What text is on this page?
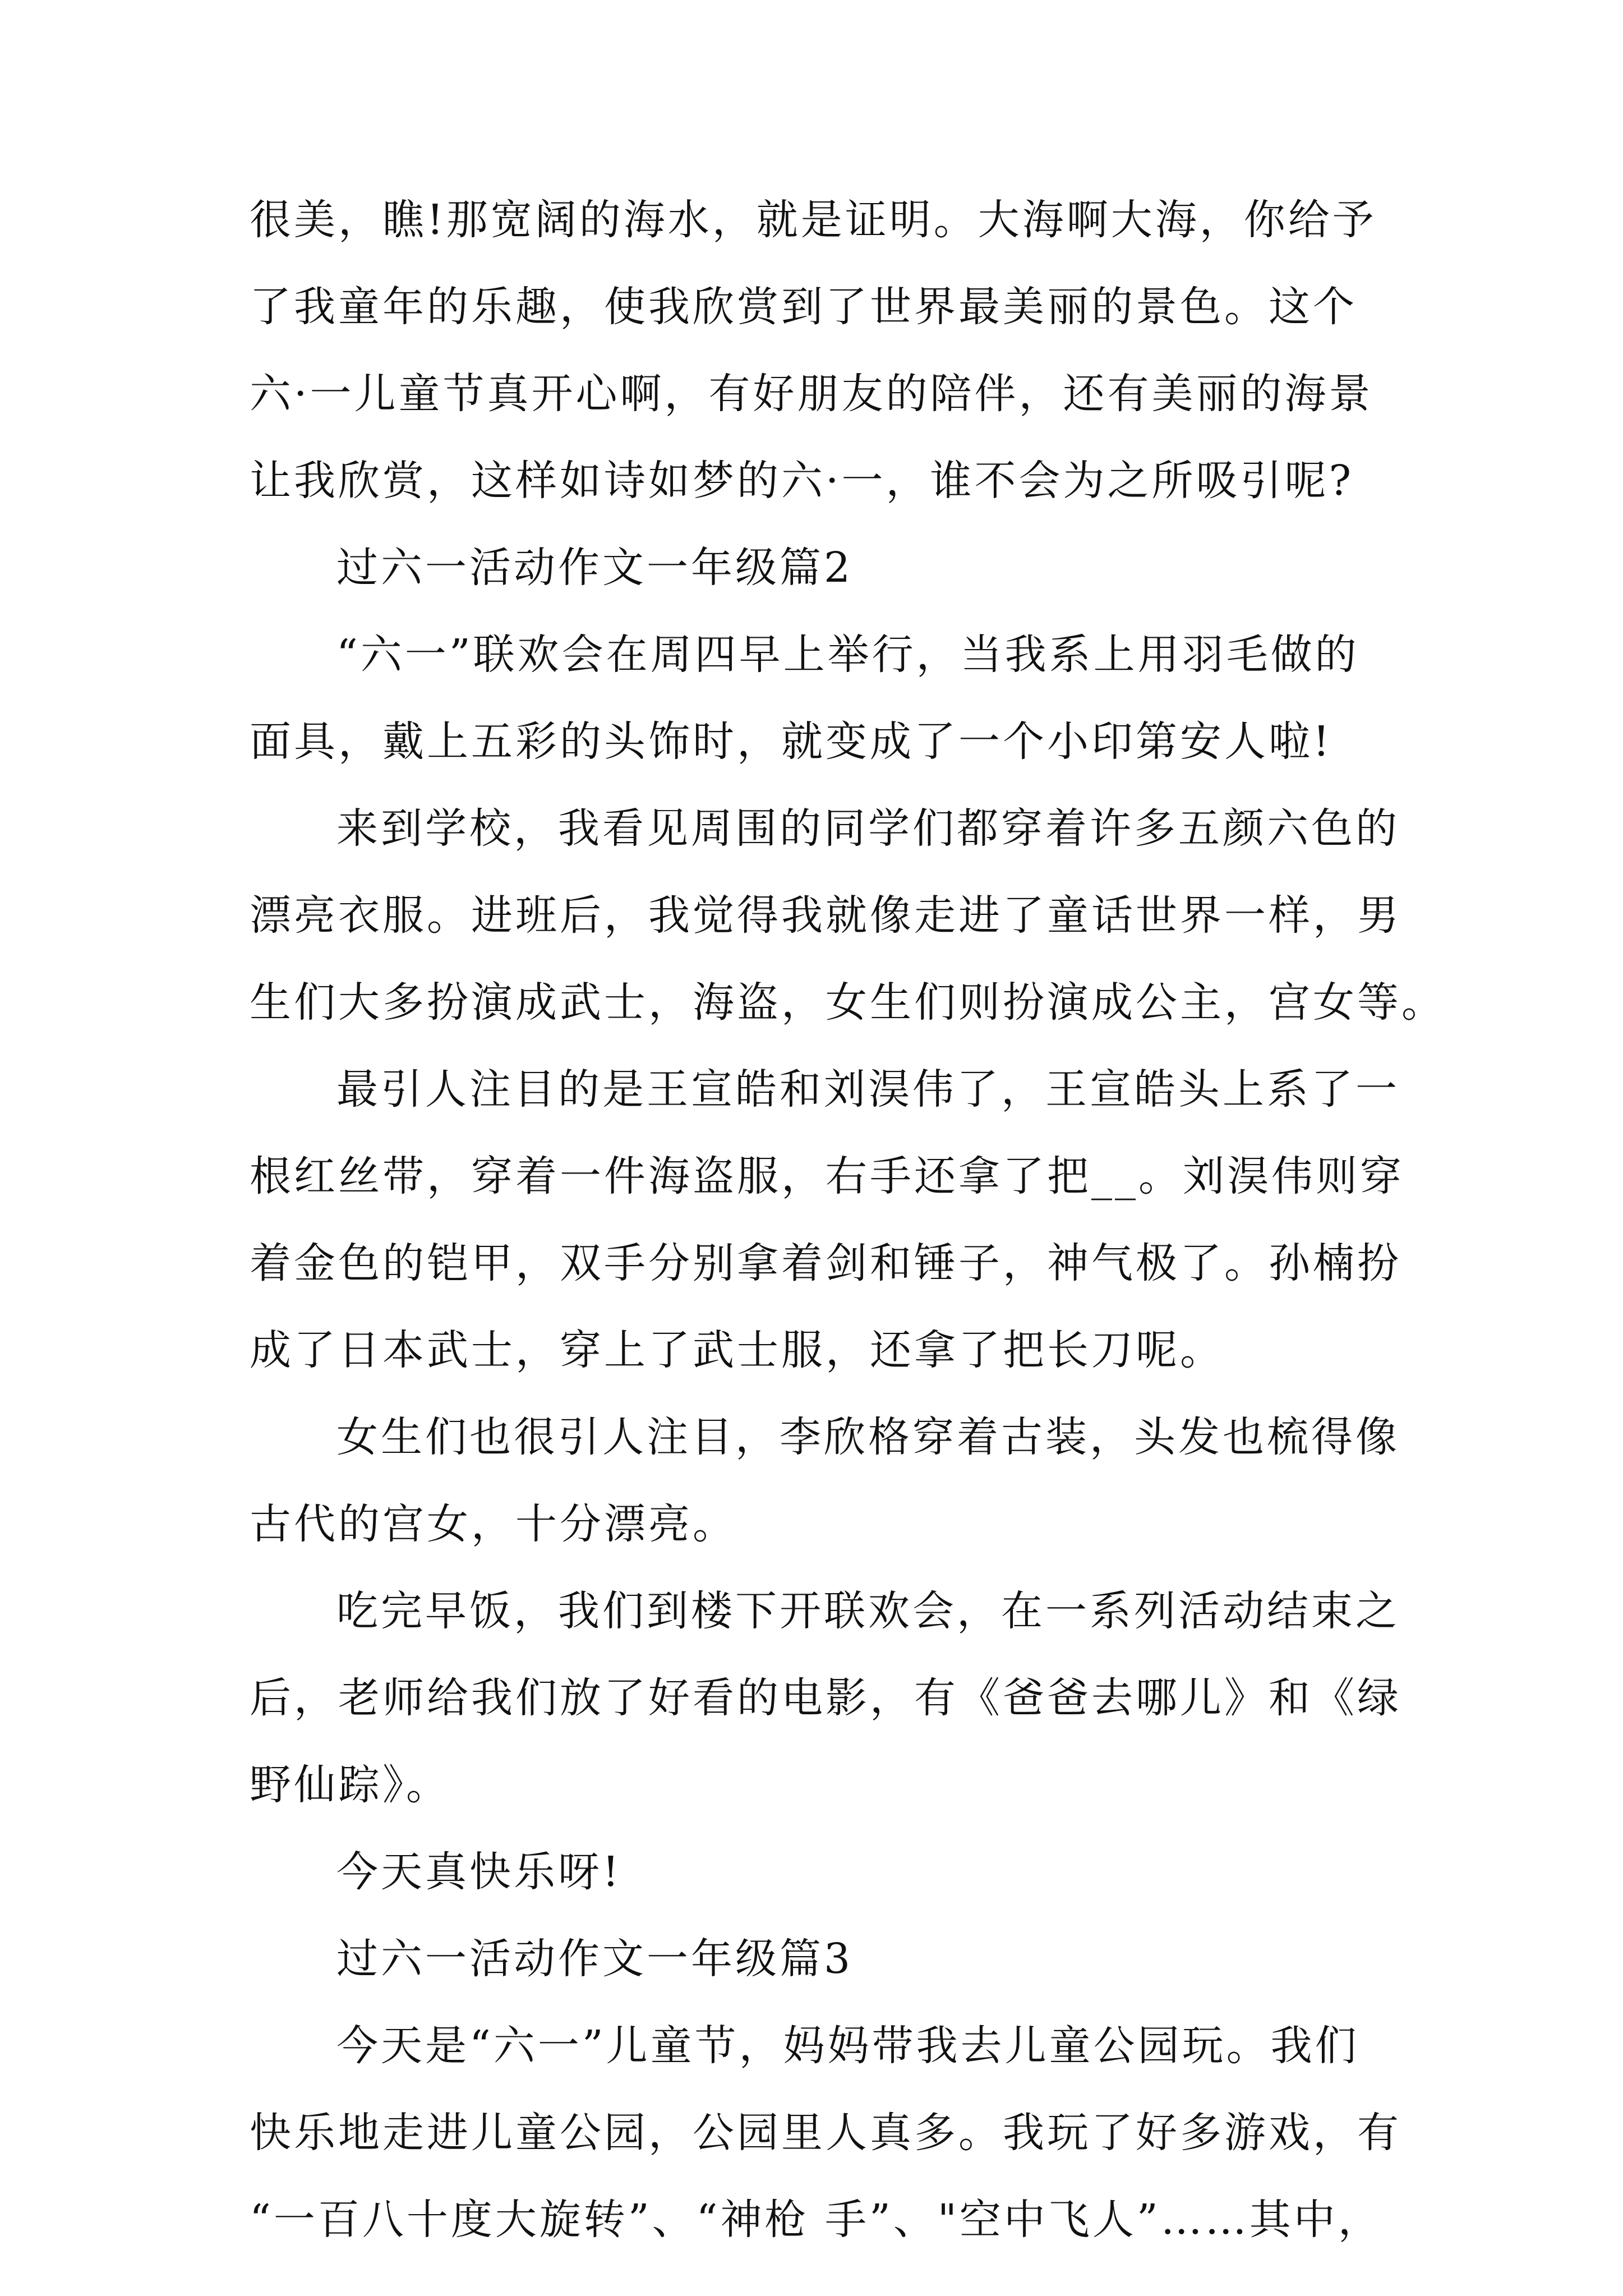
很美，瞧!那宽阔的海水，就是证明。大海啊大海，你给予
了我童年的乐趣，使我欣赏到了世界最美丽的景色。这个
六·一儿童节真开心啊，有好朋友的陪伴，还有美丽的海景
让我欣赏，这样如诗如梦的六·一，谁不会为之所吸引呢?
过六一活动作文一年级篇2
“六一”联欢会在周四早上举行，当我系上用羽毛做的
面具，戴上五彩的头饰时，就变成了一个小印第安人啦!
来到学校，我看见周围的同学们都穿着许多五颜六色的
漂亮衣服。进班后，我觉得我就像走进了童话世界一样，男
生们大多扮演成武士，海盗，女生们则扮演成公主，宫女等。
最引人注目的是王宣皓和刘淏伟了，王宣皓头上系了一
根红丝带，穿着一件海盗服，右手还拿了把__。刘淏伟则穿
着金色的铠甲，双手分别拿着剑和锤子，神气极了。孙楠扮
成了日本武士，穿上了武士服，还拿了把长刀呢。
女生们也很引人注目，李欣格穿着古装，头发也梳得像
古代的宫女，十分漂亮。
吃完早饭，我们到楼下开联欢会，在一系列活动结束之
后，老师给我们放了好看的电影，有《爸爸去哪儿》和《绿
野仙踪》。
今天真快乐呀!
过六一活动作文一年级篇3
今天是“六一”儿童节，妈妈带我去儿童公园玩。我们
快乐地走进儿童公园，公园里人真多。我玩了好多游戏，有
“一百八十度大旋转”、“神枪 手”、"空中飞人”……其中，
